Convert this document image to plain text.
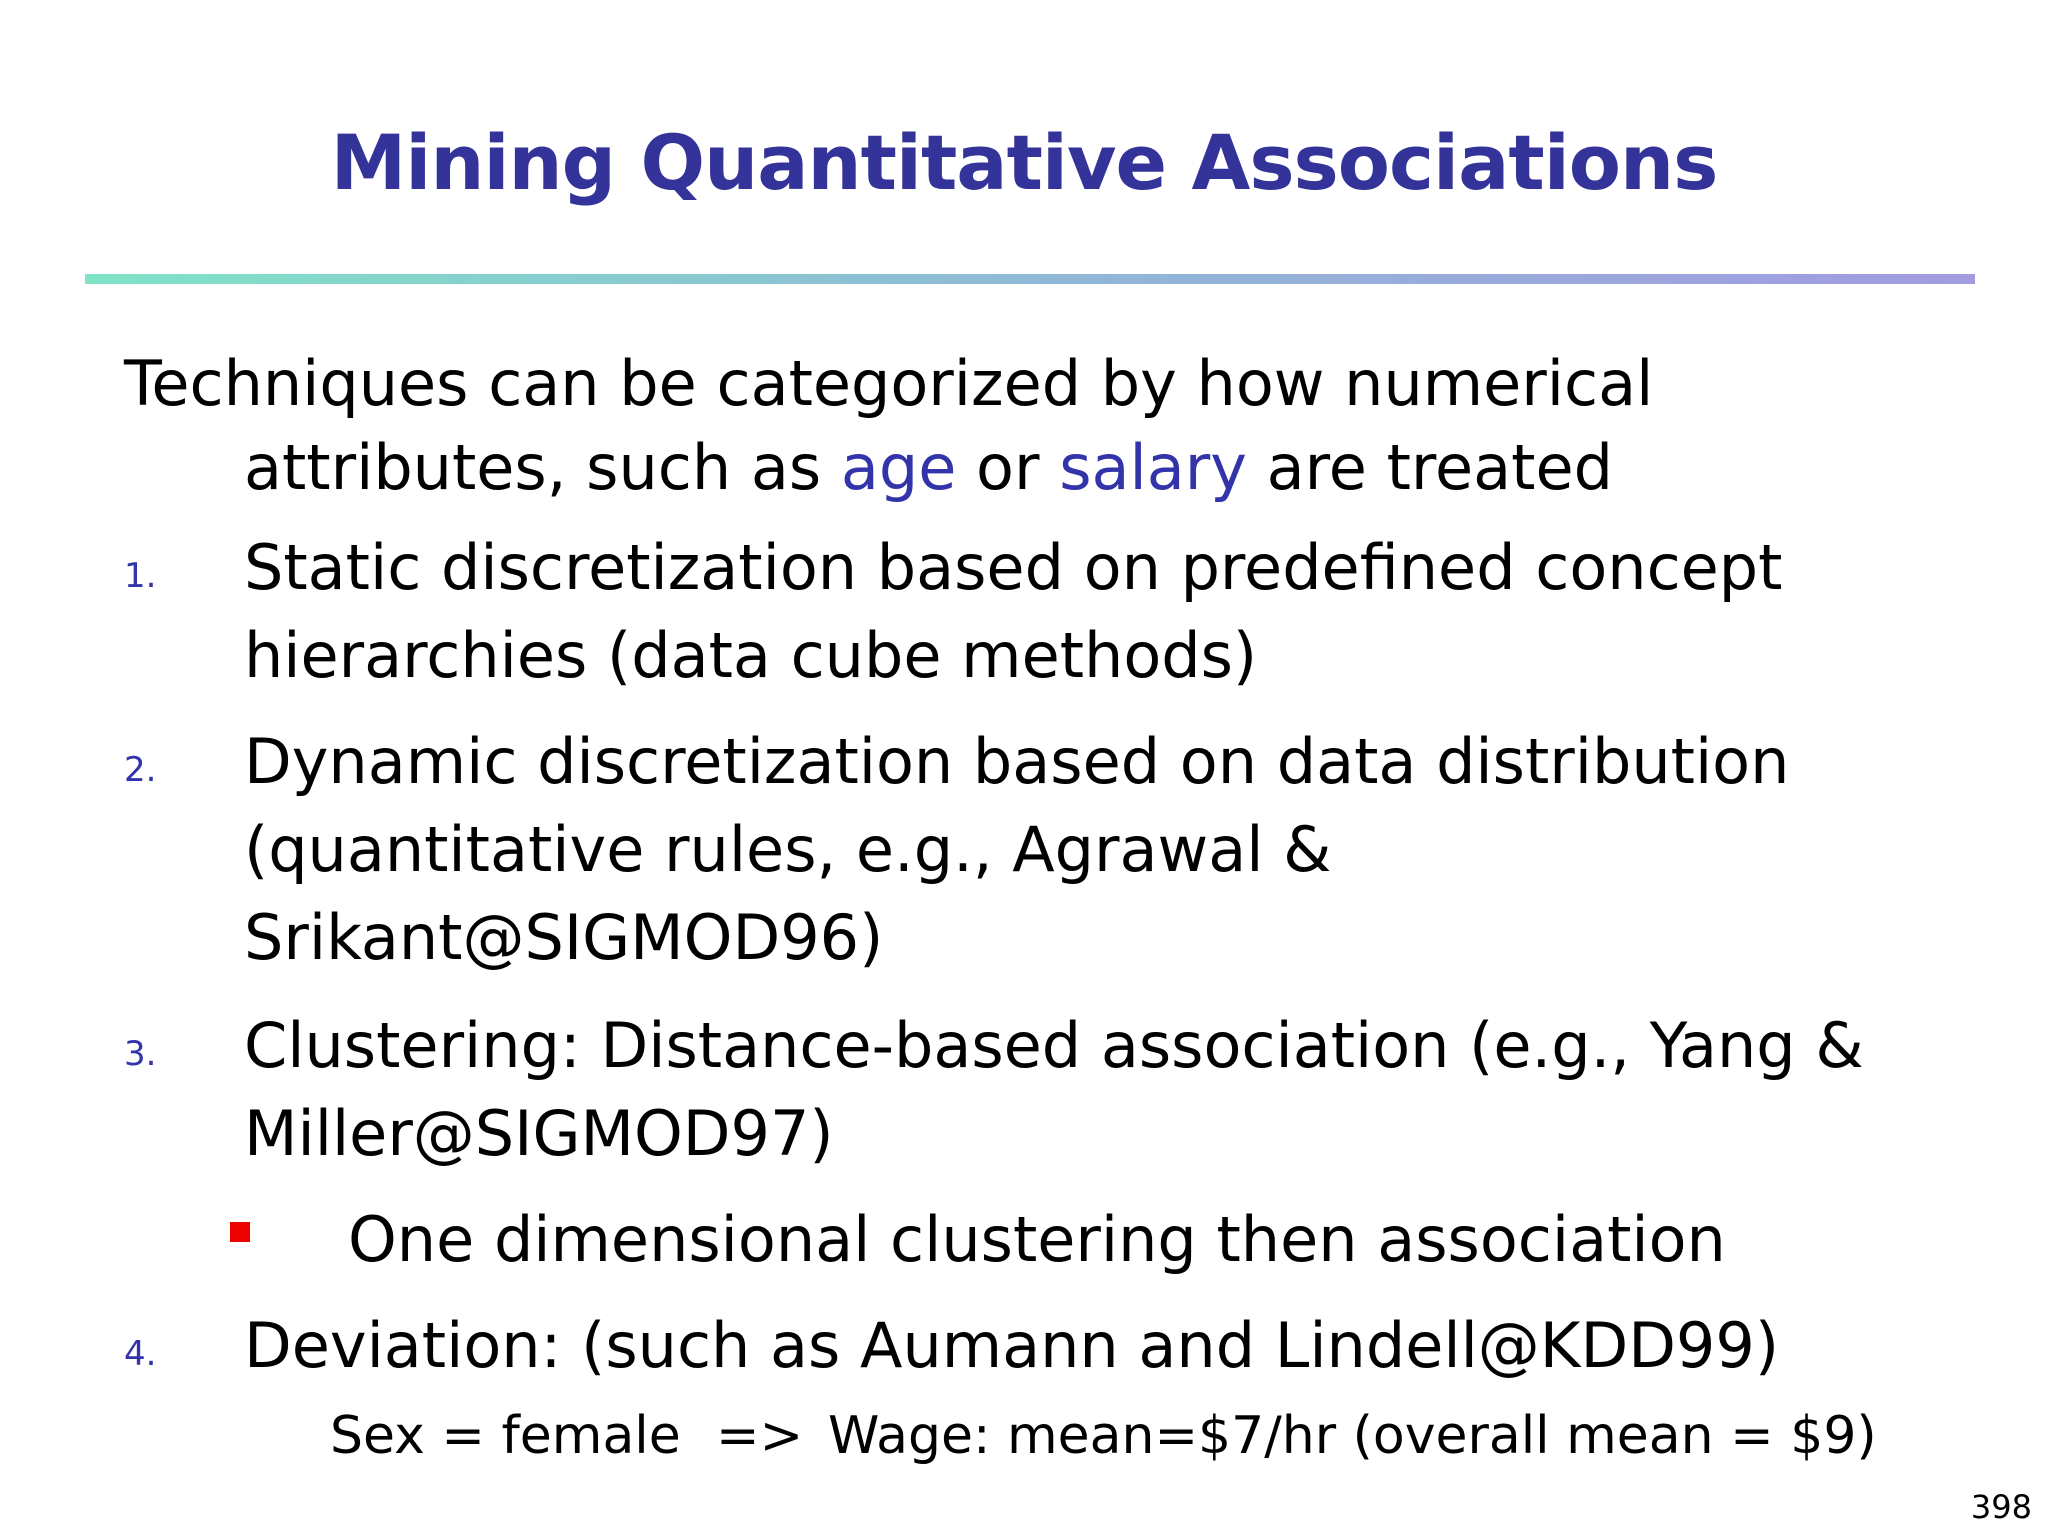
Mining Quantitative Associations
Techniques can be categorized by how numerical
attributes, such as age or salary are treated
1. Static discretization based on predefined concept
hierarchies (data cube methods)
2. Dynamic discretization based on data distribution
(quantitative rules, e.g., Agrawal &
Srikant@SIGMOD96)
3. Clustering: Distance-based association (e.g., Yang &
Miller@SIGMOD97)
One dimensional clustering then association
4. Deviation: (such as Aumann and Lindell@KDD99)
Sex = female => Wage: mean=$7/hr (overall mean = $9)
398
